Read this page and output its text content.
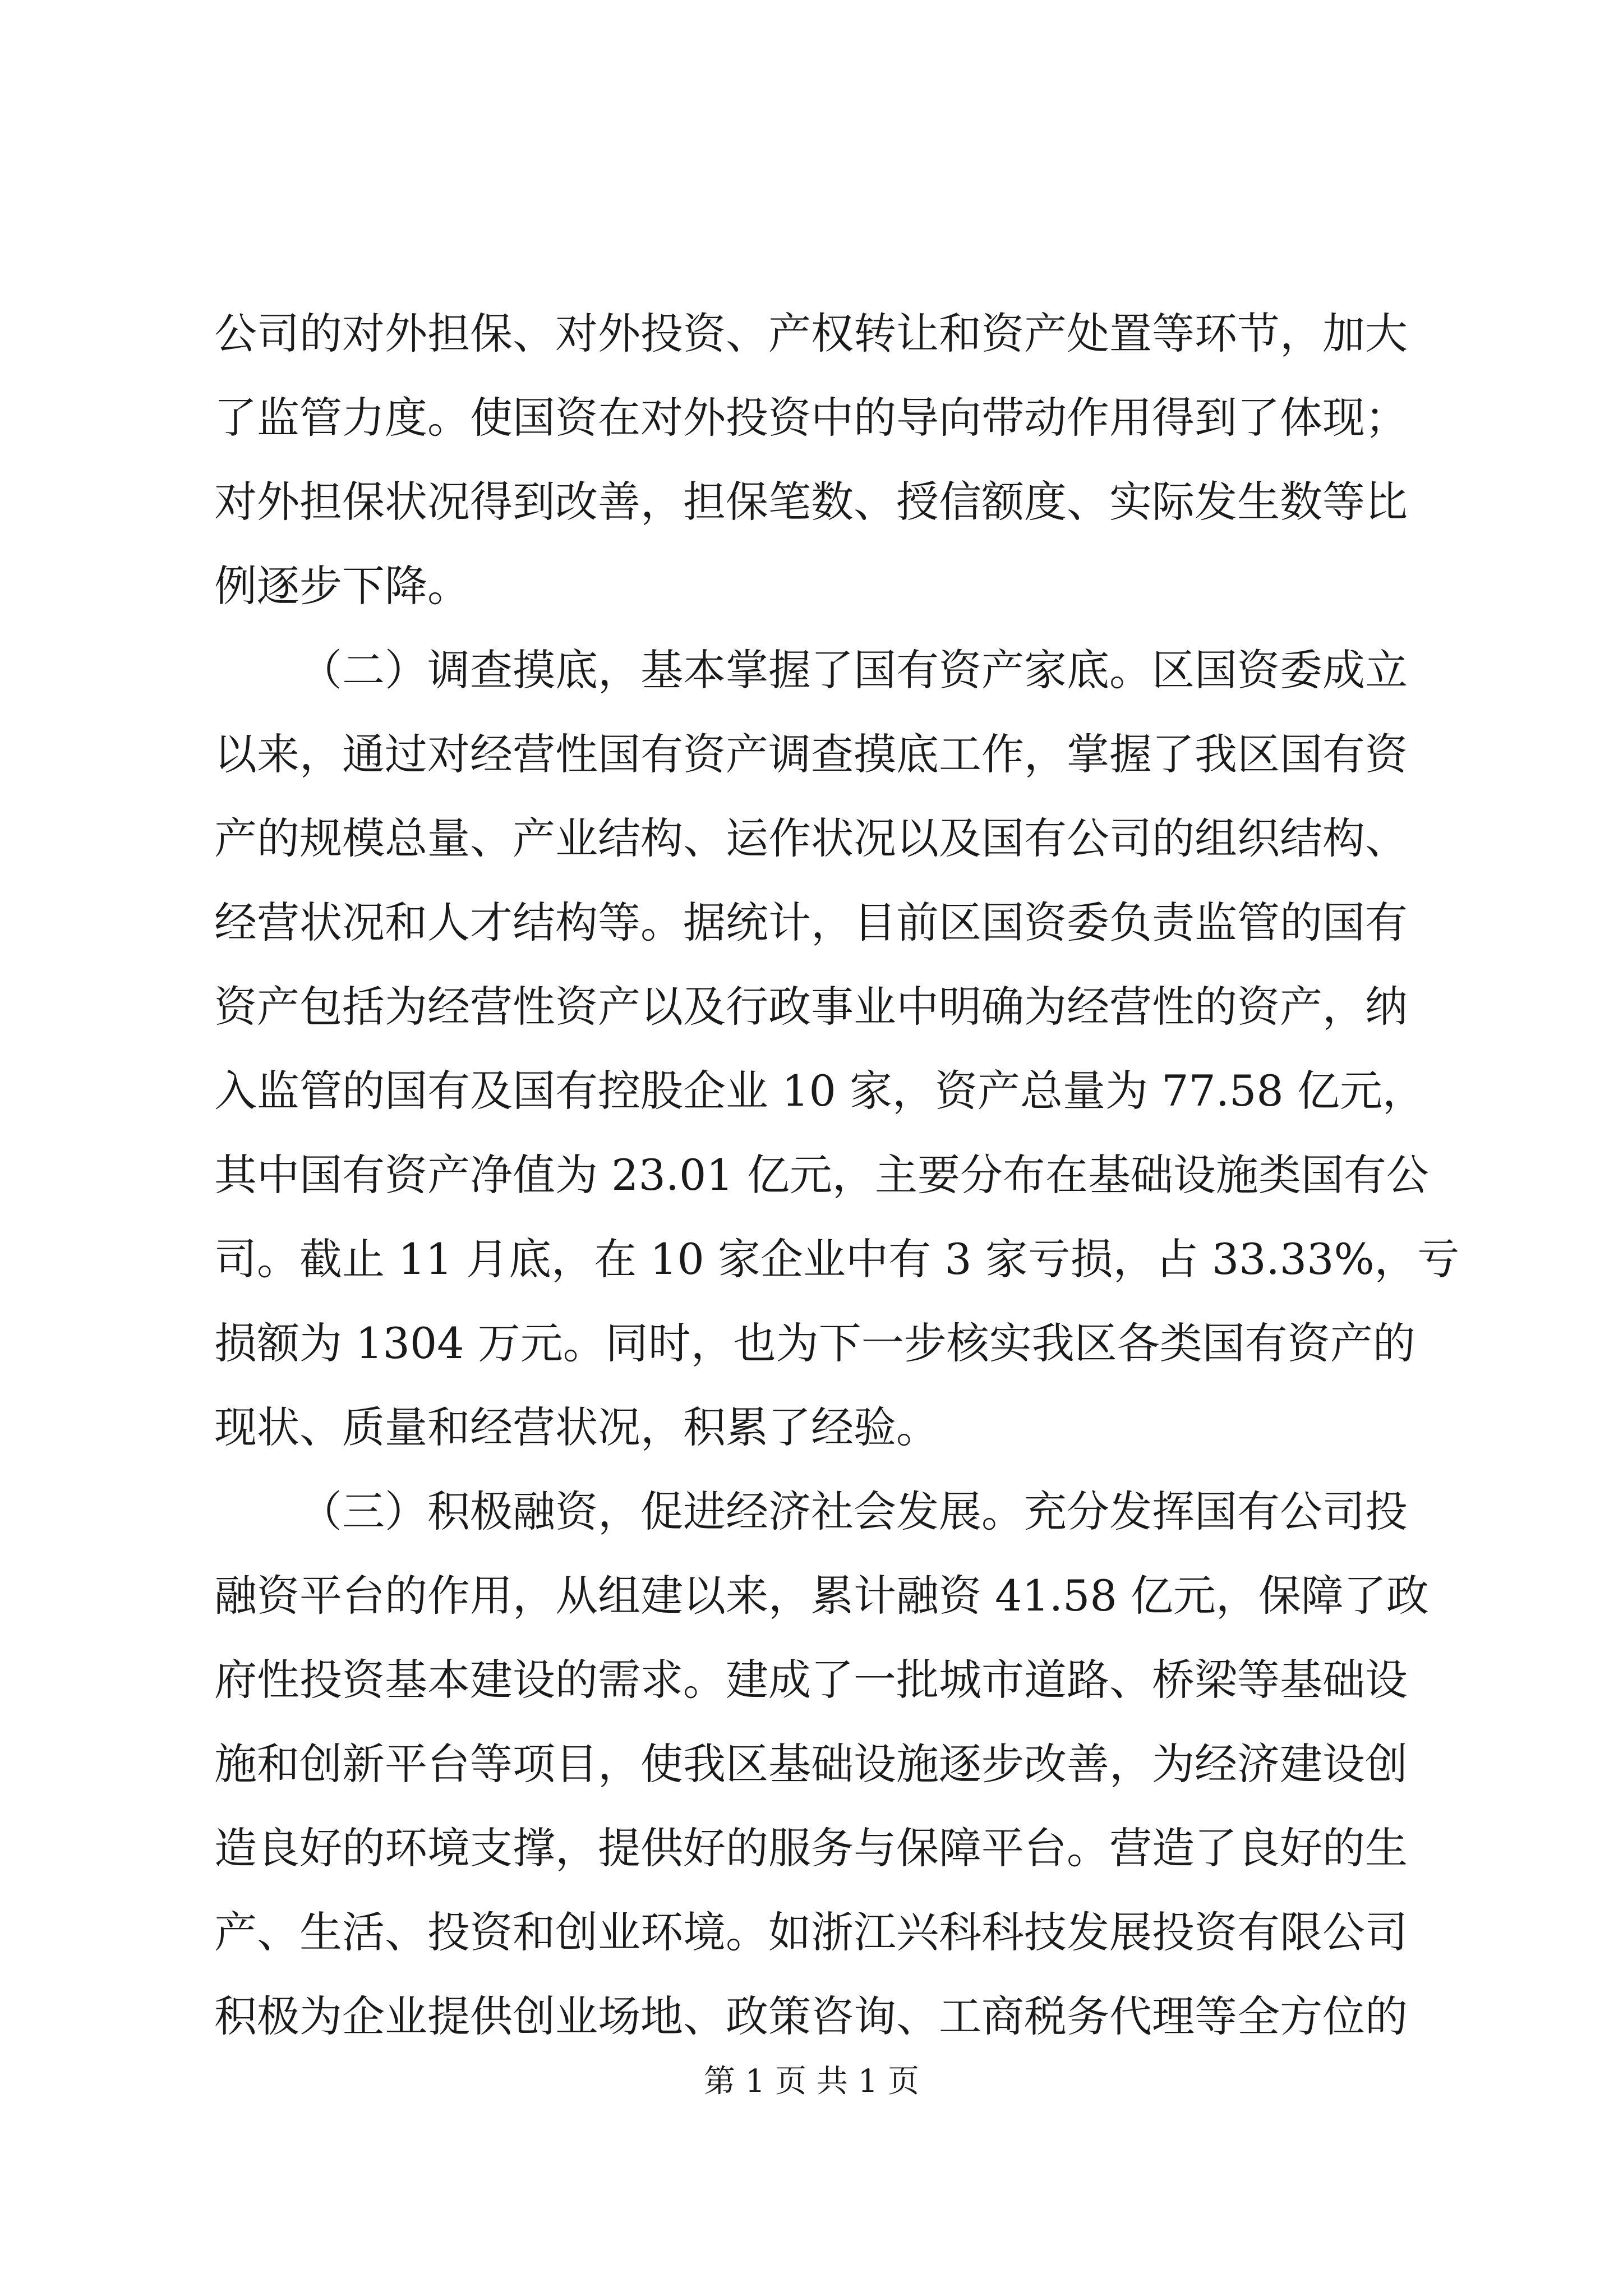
公司的对外担保、对外投资、产权转让和资产处置等环节，加大
了监管力度。使国资在对外投资中的导向带动作用得到了体现；
对外担保状况得到改善，担保笔数、授信额度、实际发生数等比
例逐步下降。
（二）调查摸底，基本掌握了国有资产家底。区国资委成立
以来，通过对经营性国有资产调查摸底工作，掌握了我区国有资
产的规模总量、产业结构、运作状况以及国有公司的组织结构、
经营状况和人才结构等。据统计，目前区国资委负责监管的国有
资产包括为经营性资产以及行政事业中明确为经营性的资产，纳
入监管的国有及国有控股企业 10 家，资产总量为 77.58 亿元，
其中国有资产净值为 23.01 亿元，主要分布在基础设施类国有公
司。截止 11 月底，在 10 家企业中有 3 家亏损，占 33.33%，亏
损额为 1304 万元。同时，也为下一步核实我区各类国有资产的
现状、质量和经营状况，积累了经验。
（三）积极融资，促进经济社会发展。充分发挥国有公司投
融资平台的作用，从组建以来，累计融资 41.58 亿元，保障了政
府性投资基本建设的需求。建成了一批城市道路、桥梁等基础设
施和创新平台等项目，使我区基础设施逐步改善，为经济建设创
造良好的环境支撑，提供好的服务与保障平台。营造了良好的生
产、生活、投资和创业环境。如浙江兴科科技发展投资有限公司
积极为企业提供创业场地、政策咨询、工商税务代理等全方位的
第 1 页 共 1 页
